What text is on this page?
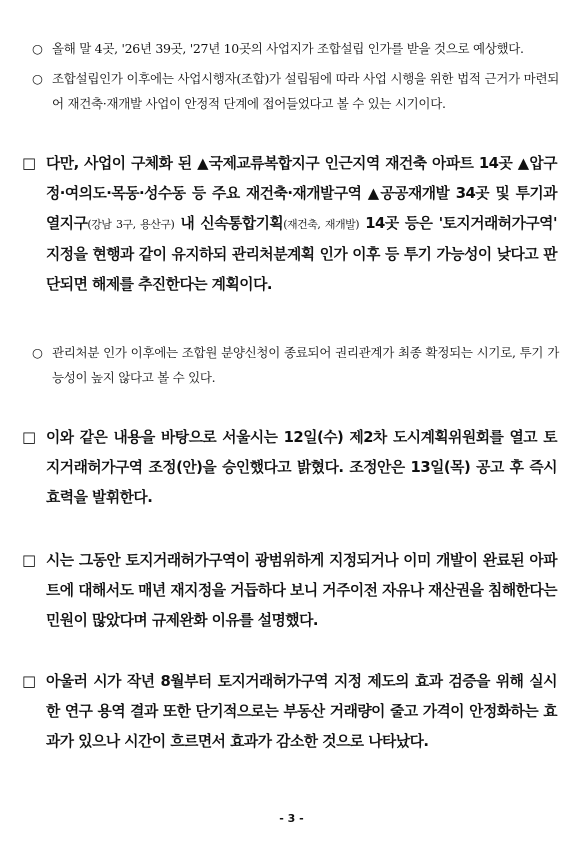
○ 올해 말 4곳, '26년 39곳, '27년 10곳의 사업지가 조합설립 인가를 받을 것으로 예상했다.
○ 조합설립인가 이후에는 사업시행자(조합)가 설립됨에 따라 사업 시행을 위한 법적 근거가 마련되어 재건축·재개발 사업이 안정적 단계에 접어들었다고 볼 수 있는 시기이다.
□ 다만, 사업이 구체화 된 ▲국제교류복합지구 인근지역 재건축 아파트 14곳 ▲압구정·여의도·목동·성수동 등 주요 재건축·재개발구역 ▲공공재개발 34곳 및 투기과열지구(강남 3구, 용산구) 내 신속통합기획(재건축, 재개발) 14곳 등은 '토지거래허가구역' 지정을 현행과 같이 유지하되 관리처분계획 인가 이후 등 투기 가능성이 낮다고 판단되면 해제를 추진한다는 계획이다.
○ 관리처분 인가 이후에는 조합원 분양신청이 종료되어 권리관계가 최종 확정되는 시기로, 투기 가능성이 높지 않다고 볼 수 있다.
□ 이와 같은 내용을 바탕으로 서울시는 12일(수) 제2차 도시계획위원회를 열고 토지거래허가구역 조정(안)을 승인했다고 밝혔다. 조정안은 13일(목) 공고 후 즉시 효력을 발휘한다.
□ 시는 그동안 토지거래허가구역이 광범위하게 지정되거나 이미 개발이 완료된 아파트에 대해서도 매년 재지정을 거듭하다 보니 거주이전 자유나 재산권을 침해한다는 민원이 많았다며 규제완화 이유를 설명했다.
□ 아울러 시가 작년 8월부터 토지거래허가구역 지정 제도의 효과 검증을 위해 실시한 연구 용역 결과 또한 단기적으로는 부동산 거래량이 줄고 가격이 안정화하는 효과가 있으나 시간이 흐르면서 효과가 감소한 것으로 나타났다.
- 3 -
